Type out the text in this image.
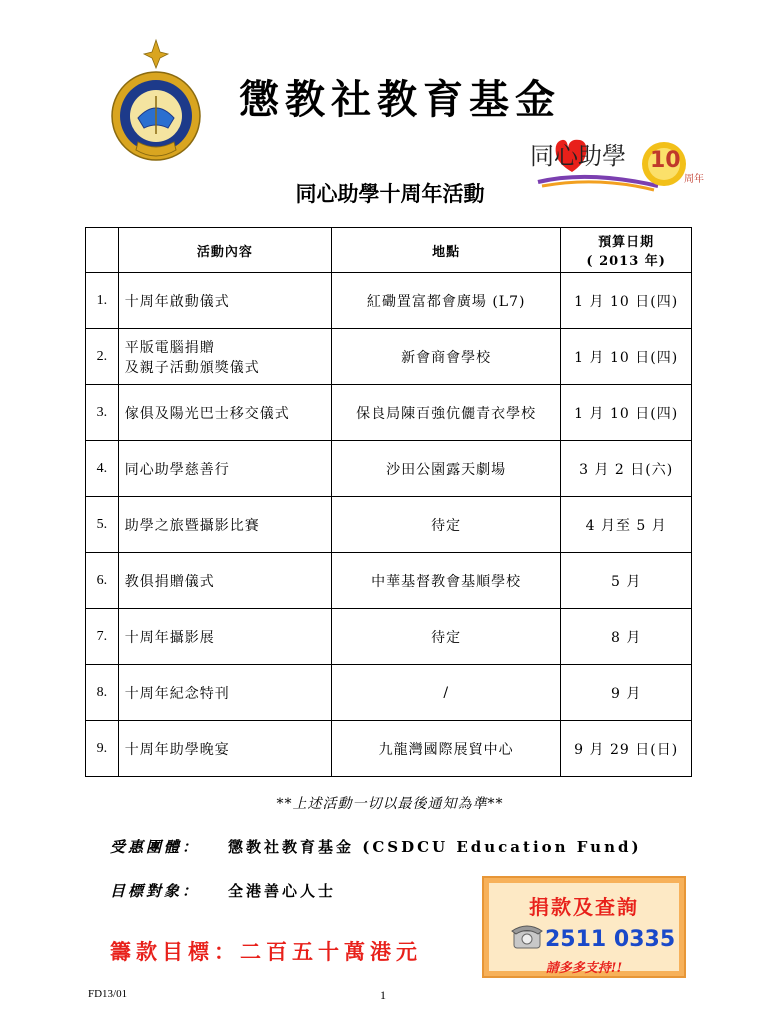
懲教社教育基金
同心助學 10
周年
同心助學十周年活動
	活動內容	地點	預算日期
( 2013 年)

1.	十周年啟動儀式	紅磡置富都會廣場 (L7)	1 月 10 日(四)
2.	平版電腦捐贈
及親子活動頒獎儀式	新會商會學校	1 月 10 日(四)
3.	傢俱及陽光巴士移交儀式	保良局陳百強伉儷青衣學校	1 月 10 日(四)
4.	同心助學慈善行	沙田公園露天劇場	3 月 2 日(六)
5.	助學之旅暨攝影比賽	待定	4 月至 5 月
6.	教俱捐贈儀式	中華基督教會基順學校	5 月
7.	十周年攝影展	待定	8 月
8.	十周年紀念特刊	/	9 月
9.	十周年助學晚宴	九龍灣國際展貿中心	9 月 29 日(日)
**上述活動一切以最後通知為準**
受惠團體： 懲教社教育基金 (CSDCU Education Fund)
目標對象： 全港善心人士
籌款目標：二百五十萬港元
捐款及查詢
2511 0335
請多多支持!!
FD13/01	1
